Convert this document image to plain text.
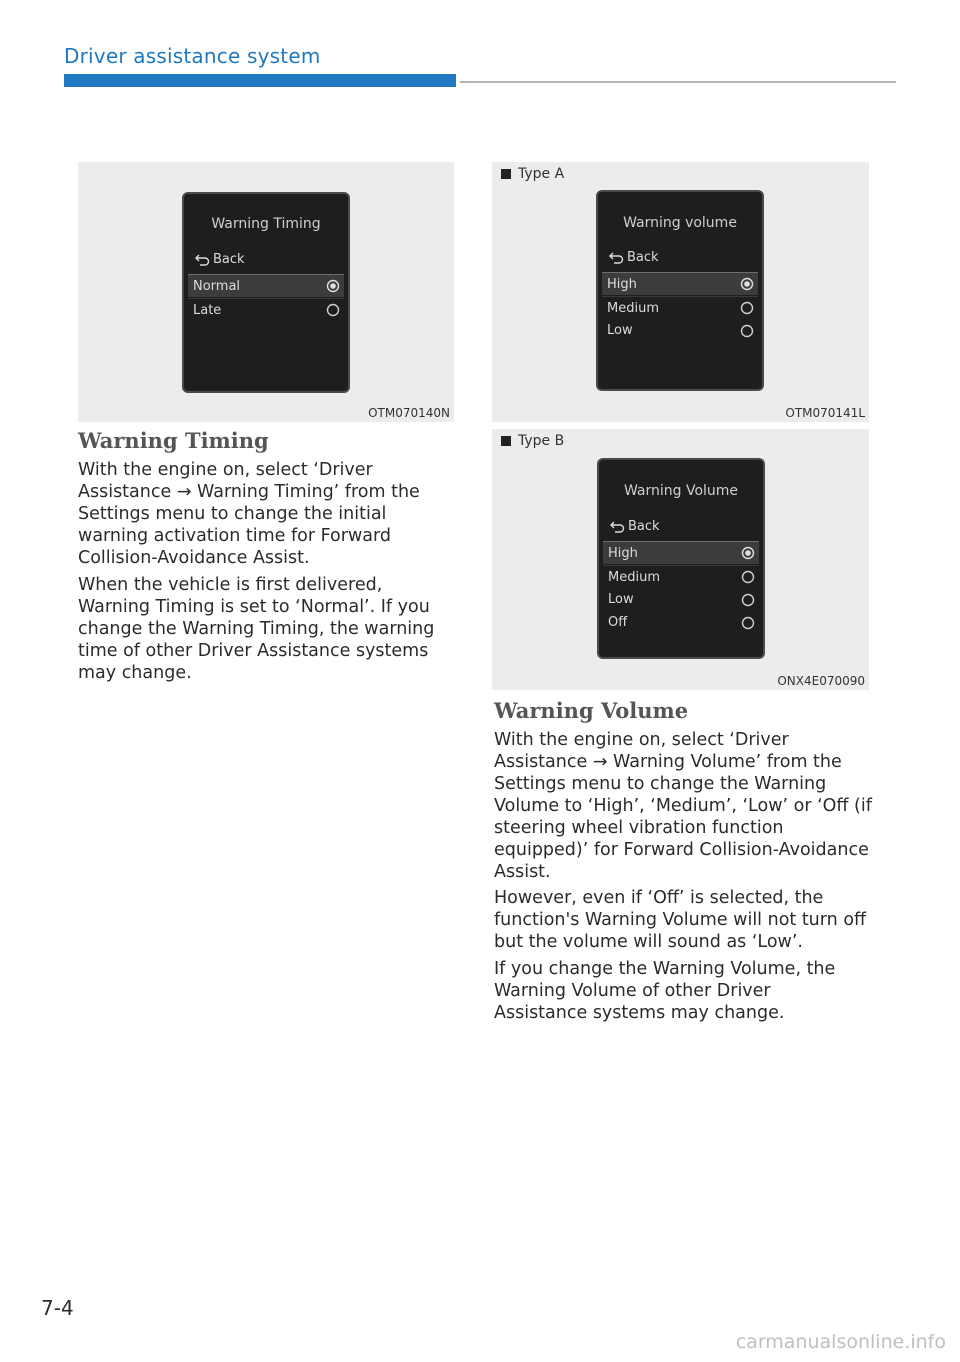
Driver assistance system
Warning Timing
Back
Normal
Late
OTM070140N
Type A
Warning volume
Back
High
Medium
Low
OTM070141L
Type B
Warning Volume
Back
High
Medium
Low
Off
ONX4E070090
Warning Timing

With the engine on, select ‘Driver Assistance → Warning Timing’ from the Settings menu to change the initial warning activation time for Forward Collision-Avoidance Assist.

When the vehicle is first delivered, Warning Timing is set to ‘Normal’. If you change the Warning Timing, the warning time of other Driver Assistance systems may change.

Warning Volume

With the engine on, select ‘Driver Assistance → Warning Volume’ from the Settings menu to change the Warning Volume to ‘High’, ‘Medium’, ‘Low’ or ‘Off (if steering wheel vibration function equipped)’ for Forward Collision-Avoidance Assist.

However, even if ‘Off’ is selected, the function's Warning Volume will not turn off but the volume will sound as ‘Low’.

If you change the Warning Volume, the Warning Volume of other Driver Assistance systems may change.

7-4
carmanualsonline.info
